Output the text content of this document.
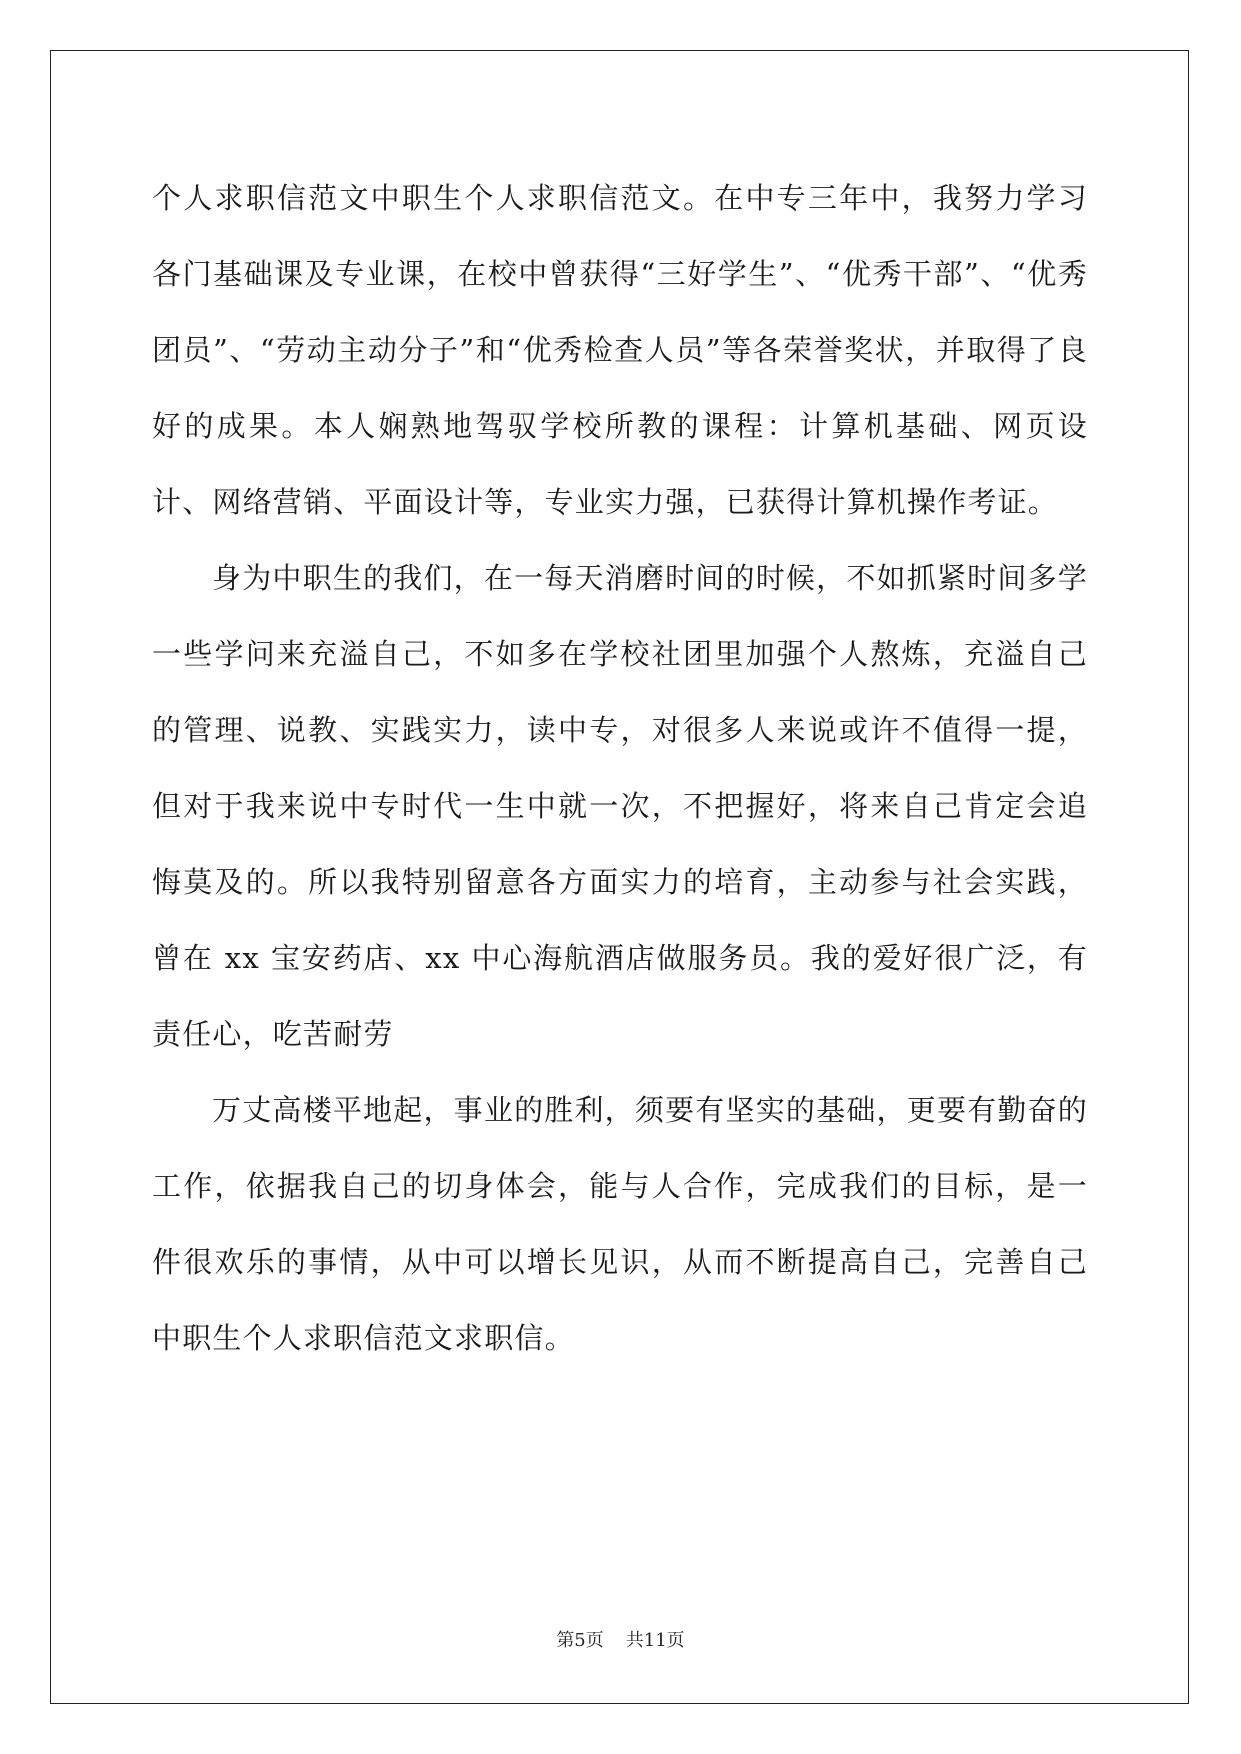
个人求职信范文中职生个人求职信范文。在中专三年中，我努力学习各门基础课及专业课，在校中曾获得“三好学生”、“优秀干部”、“优秀团员”、“劳动主动分子”和“优秀检查人员”等各荣誉奖状，并取得了良好的成果。本人娴熟地驾驭学校所教的课程：计算机基础、网页设计、网络营销、平面设计等，专业实力强，已获得计算机操作考证。

身为中职生的我们，在一每天消磨时间的时候，不如抓紧时间多学一些学问来充溢自己，不如多在学校社团里加强个人熬炼，充溢自己的管理、说教、实践实力，读中专，对很多人来说或许不值得一提，但对于我来说中专时代一生中就一次，不把握好，将来自己肯定会追悔莫及的。所以我特别留意各方面实力的培育，主动参与社会实践，曾在 xx 宝安药店、xx 中心海航酒店做服务员。我的爱好很广泛，有责任心，吃苦耐劳

万丈高楼平地起，事业的胜利，须要有坚实的基础，更要有勤奋的工作，依据我自己的切身体会，能与人合作，完成我们的目标，是一件很欢乐的事情，从中可以增长见识，从而不断提高自己，完善自己中职生个人求职信范文求职信。

第5页 共11页
